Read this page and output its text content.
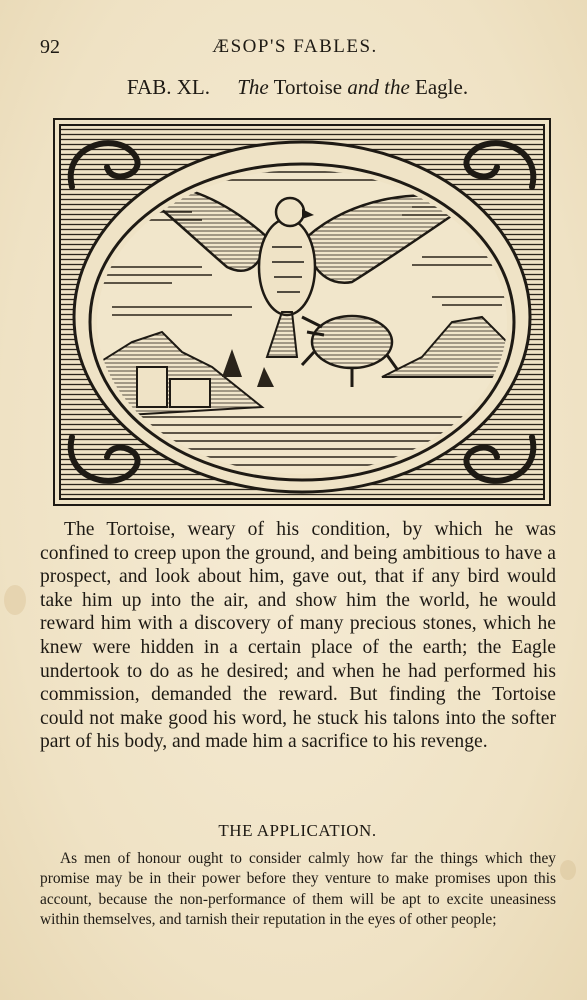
92	ÆSOP'S FABLES.
FAB. XL. The Tortoise and the Eagle.

The Tortoise, weary of his condition, by which he was confined to creep upon the ground, and being ambitious to have a prospect, and look about him, gave out, that if any bird would take him up into the air, and show him the world, he would reward him with a discovery of many precious stones, which he knew were hidden in a certain place of the earth; the Eagle undertook to do as he desired; and when he had performed his commission, demanded the reward. But finding the Tortoise could not make good his word, he stuck his talons into the softer part of his body, and made him a sacrifice to his revenge.

THE APPLICATION.

As men of honour ought to consider calmly how far the things which they promise may be in their power before they venture to make promises upon this account, because the non-performance of them will be apt to excite uneasiness within themselves, and tarnish their reputation in the eyes of other people;
